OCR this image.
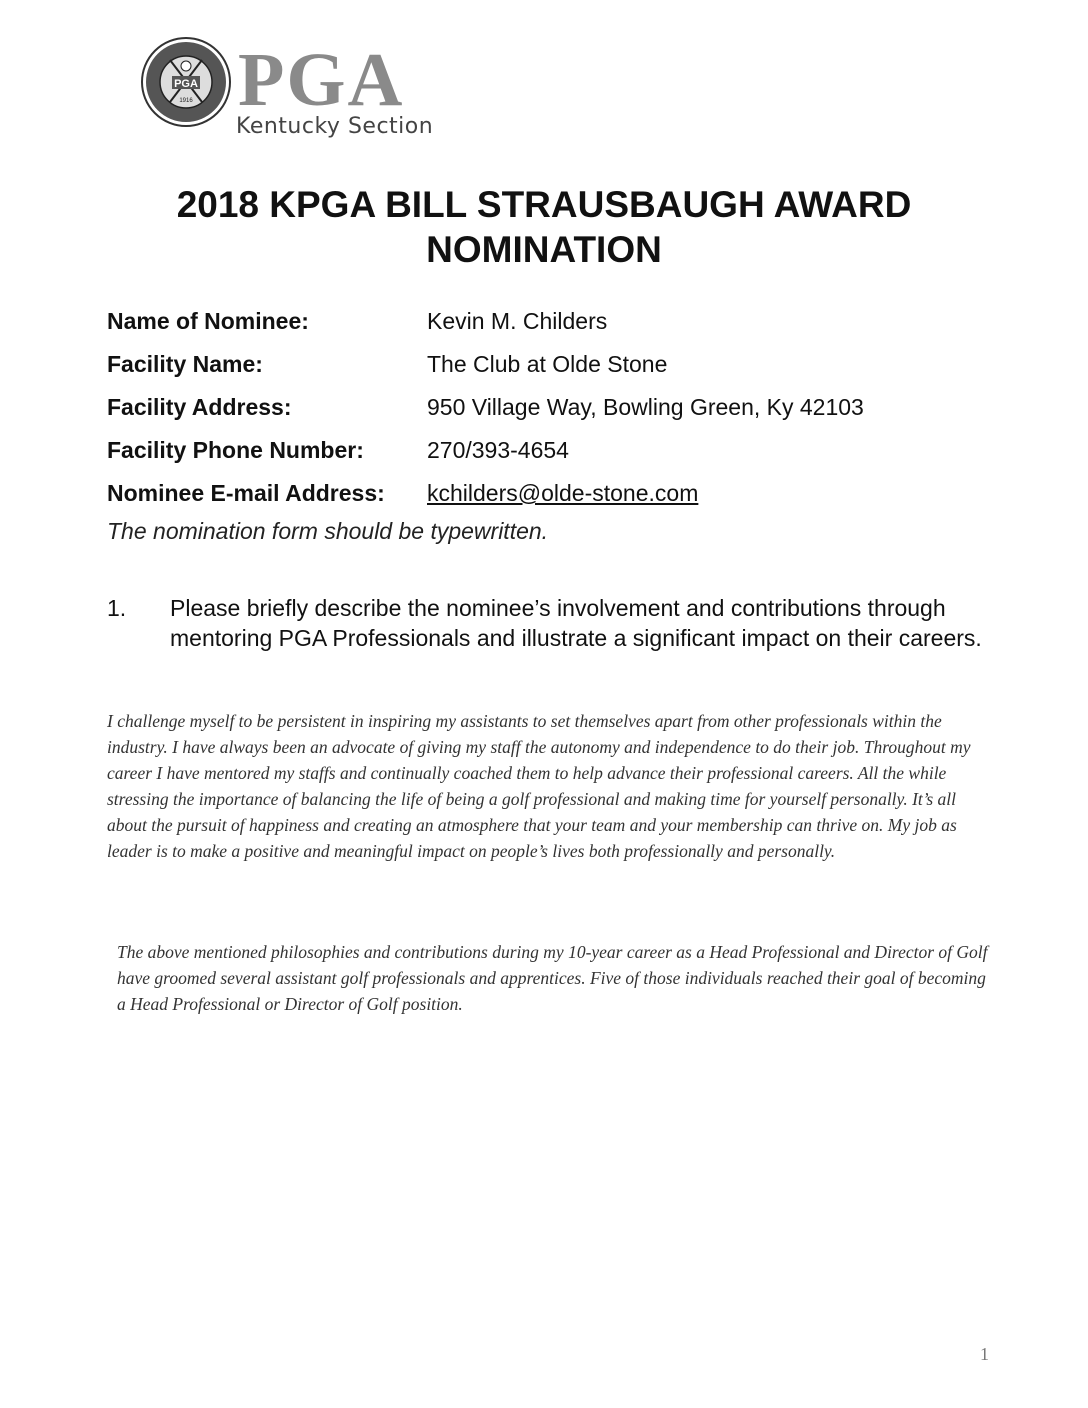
PGA
1916 PGA
Kentucky Section
2018 KPGA BILL STRAUSBAUGH AWARD
NOMINATION
Name of Nominee:	Kevin M. Childers
Facility Name:	The Club at Olde Stone
Facility Address:	950 Village Way, Bowling Green, Ky 42103
Facility Phone Number:	270/393-4654
Nominee E-mail Address: kchilders@olde-stone.com
The nomination form should be typewritten.
1. Please briefly describe the nominee’s involvement and contributions through mentoring PGA Professionals and illustrate a significant impact on their careers.
I challenge myself to be persistent in inspiring my assistants to set themselves apart from other professionals within the industry. I have always been an advocate of giving my staff the autonomy and independence to do their job. Throughout my career I have mentored my staffs and continually coached them to help advance their professional careers. All the while stressing the importance of balancing the life of being a golf professional and making time for yourself personally. It’s all about the pursuit of happiness and creating an atmosphere that your team and your membership can thrive on. My job as leader is to make a positive and meaningful impact on people’s lives both professionally and personally.
The above mentioned philosophies and contributions during my 10-year career as a Head Professional and Director of Golf have groomed several assistant golf professionals and apprentices. Five of those individuals reached their goal of becoming a Head Professional or Director of Golf position.
1
